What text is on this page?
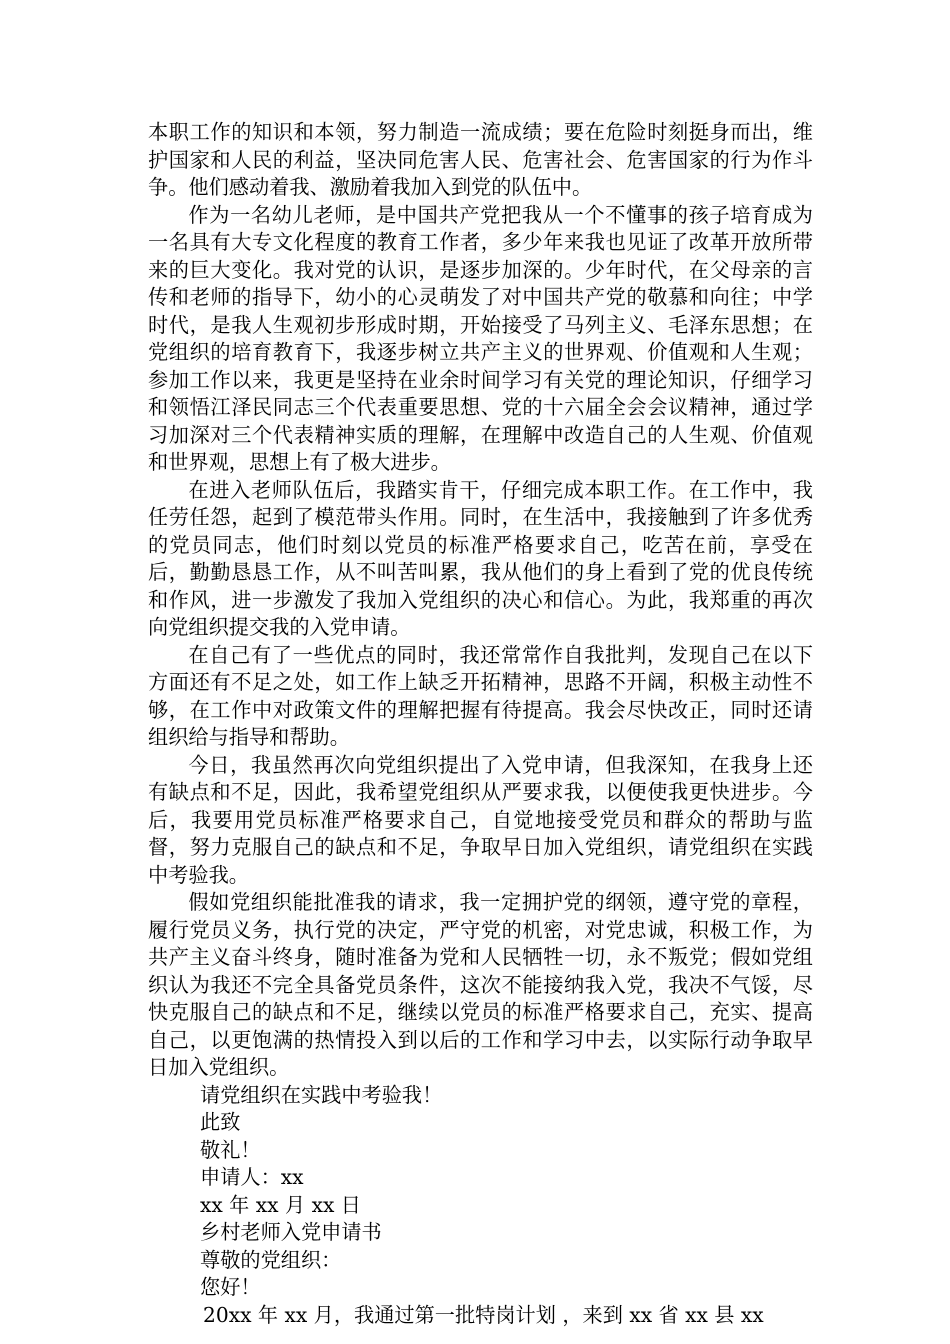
本职工作的知识和本领，努力制造一流成绩；要在危险时刻挺身而出，维护国家和人民的利益，坚决同危害人民、危害社会、危害国家的行为作斗争。他们感动着我、激励着我加入到党的队伍中。

作为一名幼儿老师，是中国共产党把我从一个不懂事的孩子培育成为一名具有大专文化程度的教育工作者，多少年来我也见证了改革开放所带来的巨大变化。我对党的认识，是逐步加深的。少年时代，在父母亲的言传和老师的指导下，幼小的心灵萌发了对中国共产党的敬慕和向往；中学时代，是我人生观初步形成时期，开始接受了马列主义、毛泽东思想；在党组织的培育教育下，我逐步树立共产主义的世界观、价值观和人生观；参加工作以来，我更是坚持在业余时间学习有关党的理论知识，仔细学习和领悟江泽民同志三个代表重要思想、党的十六届全会会议精神，通过学习加深对三个代表精神实质的理解，在理解中改造自己的人生观、价值观和世界观，思想上有了极大进步。

在进入老师队伍后，我踏实肯干，仔细完成本职工作。在工作中，我任劳任怨，起到了模范带头作用。同时，在生活中，我接触到了许多优秀的党员同志，他们时刻以党员的标准严格要求自己，吃苦在前，享受在后，勤勤恳恳工作，从不叫苦叫累，我从他们的身上看到了党的优良传统和作风，进一步激发了我加入党组织的决心和信心。为此，我郑重的再次向党组织提交我的入党申请。

在自己有了一些优点的同时，我还常常作自我批判，发现自己在以下方面还有不足之处，如工作上缺乏开拓精神，思路不开阔，积极主动性不够，在工作中对政策文件的理解把握有待提高。我会尽快改正，同时还请组织给与指导和帮助。

今日，我虽然再次向党组织提出了入党申请，但我深知，在我身上还有缺点和不足，因此，我希望党组织从严要求我，以便使我更快进步。今后，我要用党员标准严格要求自己，自觉地接受党员和群众的帮助与监督，努力克服自己的缺点和不足，争取早日加入党组织，请党组织在实践中考验我。

假如党组织能批准我的请求，我一定拥护党的纲领，遵守党的章程，履行党员义务，执行党的决定，严守党的机密，对党忠诚，积极工作，为共产主义奋斗终身，随时准备为党和人民牺牲一切，永不叛党；假如党组织认为我还不完全具备党员条件，这次不能接纳我入党，我决不气馁，尽快克服自己的缺点和不足，继续以党员的标准严格要求自己，充实、提高自己，以更饱满的热情投入到以后的工作和学习中去，以实际行动争取早日加入党组织。

请党组织在实践中考验我！

此致

敬礼！

申请人：xx

xx 年 xx 月 xx 日

乡村老师入党申请书

尊敬的党组织：

您好！

20xx 年 xx 月，我通过第一批特岗计划 ，来到 xx 省 xx 县 xx
